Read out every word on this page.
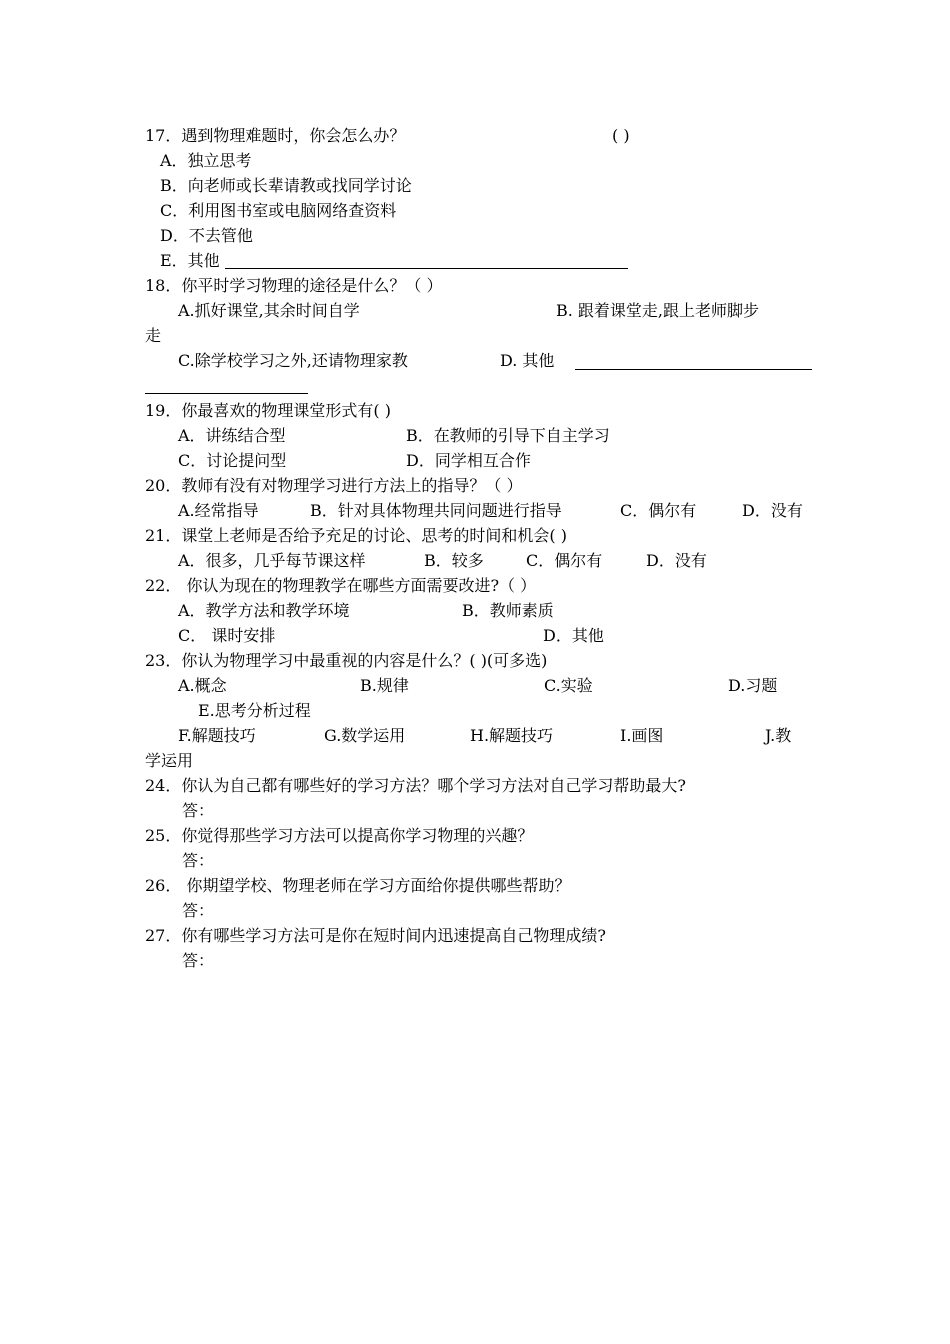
17．遇到物理难题时，你会怎么办？	( )
A．独立思考
B．向老师或长辈请教或找同学讨论
C．利用图书室或电脑网络查资料
D．不去管他
E．其他
18．你平时学习物理的途径是什么？（ ）
A.抓好课堂,其余时间自学	B. 跟着课堂走,跟上老师脚步
走
C.除学校学习之外,还请物理家教	D. 其他
19．你最喜欢的物理课堂形式有( )
A．讲练结合型	B．在教师的引导下自主学习
C．讨论提问型	D．同学相互合作
20．教师有没有对物理学习进行方法上的指导？（ ）
A.经常指导	B．针对具体物理共同问题进行指导	C．偶尔有	D．没有
21．课堂上老师是否给予充足的讨论、思考的时间和机会( )
A．很多，几乎每节课这样	B．较多	C．偶尔有	D．没有
22． 你认为现在的物理教学在哪些方面需要改进?（ ）
A．教学方法和教学环境	B．教师素质
C． 课时安排	D．其他
23．你认为物理学习中最重视的内容是什么？( )(可多选)
A.概念	B.规律	C.实验	D.习题
E.思考分析过程
F.解题技巧	G.数学运用	H.解题技巧	I.画图	J.教
学运用
24．你认为自己都有哪些好的学习方法？哪个学习方法对自己学习帮助最大?
答：
25．你觉得那些学习方法可以提高你学习物理的兴趣？
答：
26． 你期望学校、物理老师在学习方面给你提供哪些帮助？
答：
27．你有哪些学习方法可是你在短时间内迅速提高自己物理成绩?
答：
